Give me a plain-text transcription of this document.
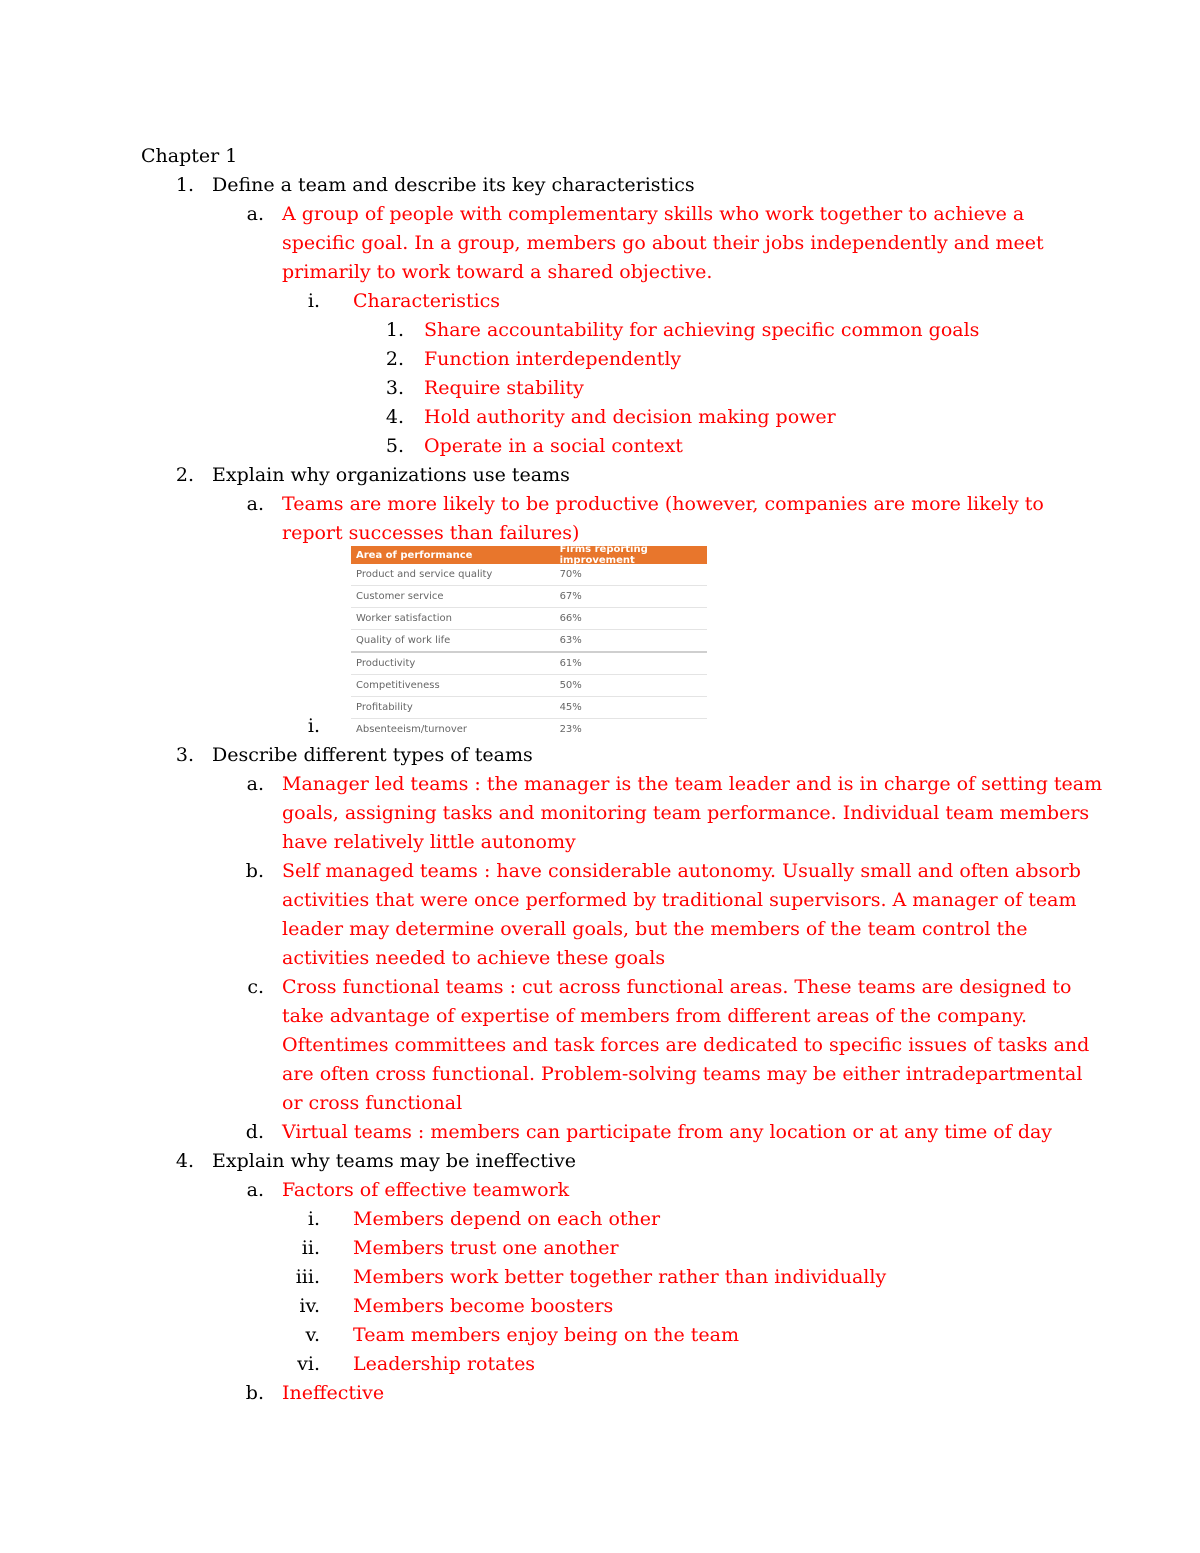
Chapter 1
1. Define a team and describe its key characteristics
a. A group of people with complementary skills who work together to achieve a
specific goal. In a group, members go about their jobs independently and meet
primarily to work toward a shared objective.
i. Characteristics
1. Share accountability for achieving specific common goals
2. Function interdependently
3. Require stability
4. Hold authority and decision making power
5. Operate in a social context
2. Explain why organizations use teams
a. Teams are more likely to be productive (however, companies are more likely to
report successes than failures)
Area of performance	Firms reporting improvement
Product and service quality	70%
Customer service	67%
Worker satisfaction	66%
Quality of work life	63%
Productivity	61%
Competitiveness	50%
Profitability	45%
Absenteeism/turnover	23%
i.
3. Describe different types of teams
a. Manager led teams : the manager is the team leader and is in charge of setting team
goals, assigning tasks and monitoring team performance. Individual team members
have relatively little autonomy
b. Self managed teams : have considerable autonomy. Usually small and often absorb
activities that were once performed by traditional supervisors. A manager of team
leader may determine overall goals, but the members of the team control the
activities needed to achieve these goals
c. Cross functional teams : cut across functional areas. These teams are designed to
take advantage of expertise of members from different areas of the company.
Oftentimes committees and task forces are dedicated to specific issues of tasks and
are often cross functional. Problem-solving teams may be either intradepartmental
or cross functional
d. Virtual teams : members can participate from any location or at any time of day
4. Explain why teams may be ineffective
a. Factors of effective teamwork
i. Members depend on each other
ii. Members trust one another
iii. Members work better together rather than individually
iv. Members become boosters
v. Team members enjoy being on the team
vi. Leadership rotates
b. Ineffective
